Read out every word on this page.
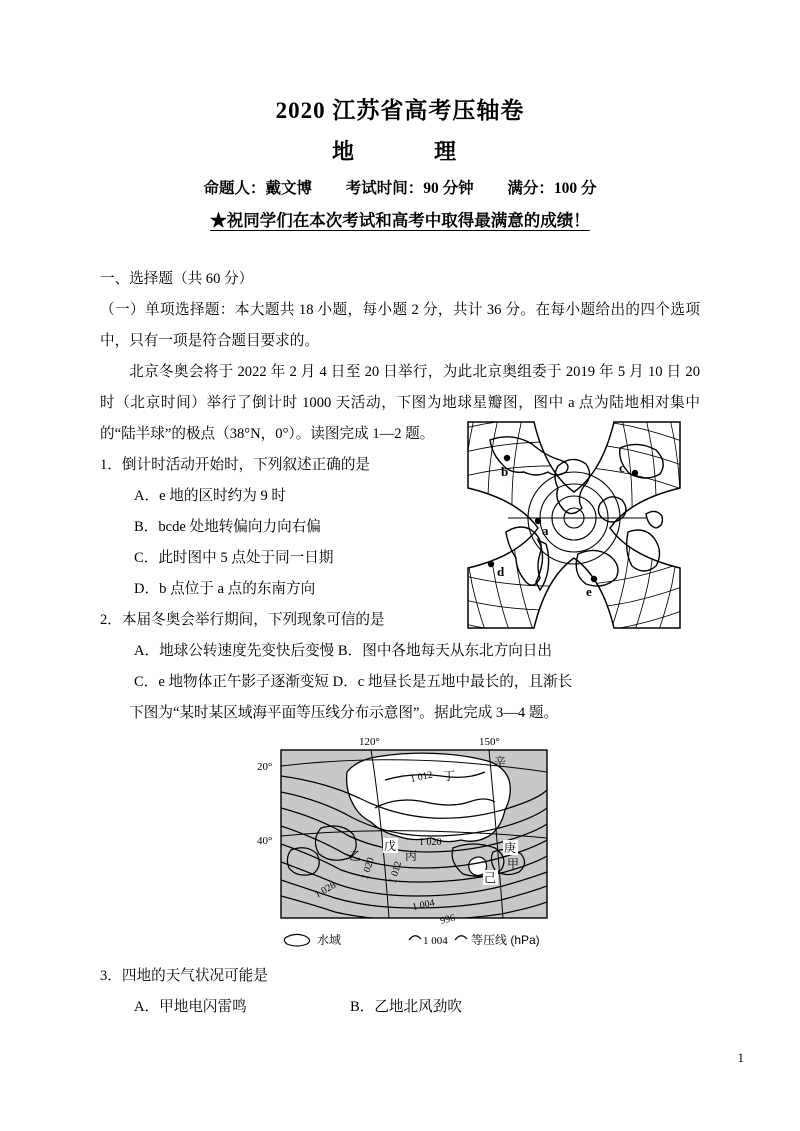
2020 江苏省高考压轴卷
地　　理
命题人：戴文博 考试时间：90 分钟 满分：100 分
★祝同学们在本次考试和高考中取得最满意的成绩！

一、选择题（共 60 分）

（一）单项选择题：本大题共 18 小题，每小题 2 分，共计 36 分。在每小题给出的四个选项中，只有一项是符合题目要求的。

北京冬奥会将于 2022 年 2 月 4 日至 20 日举行，为此北京奥组委于 2019 年 5 月 10 日 20 时（北京时间）举行了倒计时 1000 天活动，下图为地球星瓣图，图中 a 点为陆地相对集中的“陆半球”的极点（38°N，0°）。读图完成 1—2 题。

1．倒计时活动开始时，下列叙述正确的是

A．e 地的区时约为 9 时

B．bcde 处地转偏向力向右偏

C．此时图中 5 点处于同一日期

D．b 点位于 a 点的东南方向

2．本届冬奥会举行期间，下列现象可信的是

A．地球公转速度先变快后变慢 B．图中各地每天从东北方向日出

C．e 地物体正午影子逐渐变短 D．c 地昼长是五地中最长的，且渐长

下图为“某时某区域海平面等压线分布示意图”。据此完成 3—4 题。

3．四地的天气状况可能是

A．甲地电闪雷鸣	B．乙地北风劲吹

b	c
a
d
e
20°
40°
120°	150°
1 012
1 020
1 020
1 028
1 012
1 004
996
丁
辛
戊	庚
乙	丙
甲
己
水域	1 004 等压线 (hPa)
1
